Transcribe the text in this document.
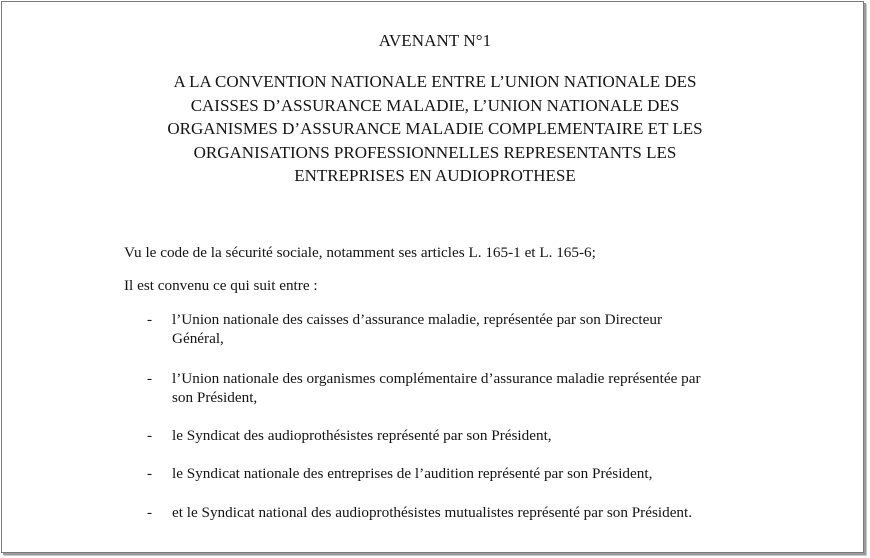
AVENANT N°1
A LA CONVENTION NATIONALE ENTRE L’UNION NATIONALE DES
CAISSES D’ASSURANCE MALADIE, L’UNION NATIONALE DES
ORGANISMES D’ASSURANCE MALADIE COMPLEMENTAIRE ET LES
ORGANISATIONS PROFESSIONNELLES REPRESENTANTS LES
ENTREPRISES EN AUDIOPROTHESE
Vu le code de la sécurité sociale, notamment ses articles L. 165-1 et L. 165-6;
Il est convenu ce qui suit entre :
- l’Union nationale des caisses d’assurance maladie, représentée par son Directeur
Général,
- l’Union nationale des organismes complémentaire d’assurance maladie représentée par
son Président,
- le Syndicat des audioprothésistes représenté par son Président,
- le Syndicat nationale des entreprises de l’audition représenté par son Président,
- et le Syndicat national des audioprothésistes mutualistes représenté par son Président.
